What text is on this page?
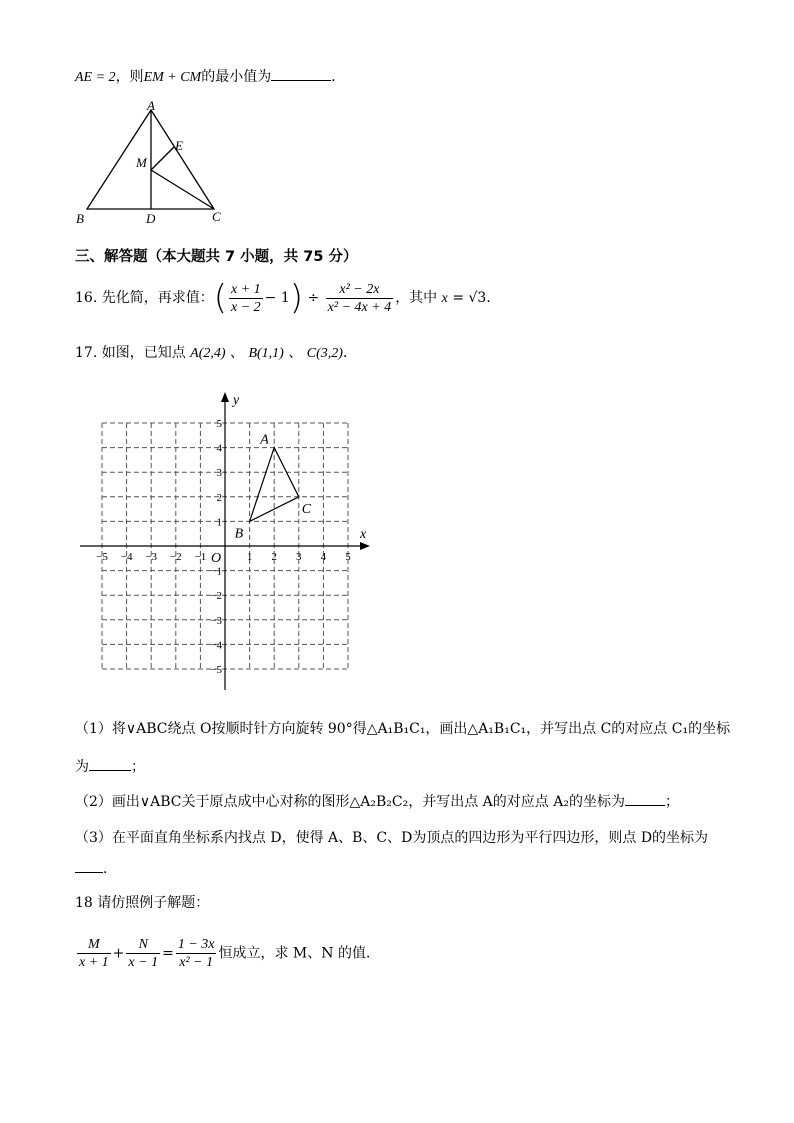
AE = 2，则EM + CM的最小值为	．
A
B	C
D
E
M
三、解答题（本大题共 7 小题，共 75 分）
16. 先化简，再求值：( $\frac{x + 1}{x - 2} - 1) \div \frac{\text{x² − 2x}}{\text{x² − 4x + 4}}$ ，其中 x = √3．
17. 如图，已知点 A(2,4) 、 B(1,1) 、 C(3,2)．
x
y
O
−5 −4 −3 −2 −1	1 2 3 4 5
5
4
3
2
1
−1
−2
−3
−4
−5
A
B
C
（1）将∨ABC绕点 O按顺时针方向旋转 90°得△A₁B₁C₁，画出△A₁B₁C₁，并写出点 C的对应点 C₁的坐标
为	；
（2）画出∨ABC关于原点成中心对称的图形△A₂B₂C₂，并写出点 A的对应点 A₂的坐标为	；
（3）在平面直角坐标系内找点 D，使得 A、B、C、D为顶点的四边形为平行四边形，则点 D的坐标为
．
18 请仿照例子解题：
$\frac{M}{x + 1} + \frac{N}{x - 1} = \frac{1 - 3x}{\text{x² − 1}}$ 恒成立，求 M、N 的值．
